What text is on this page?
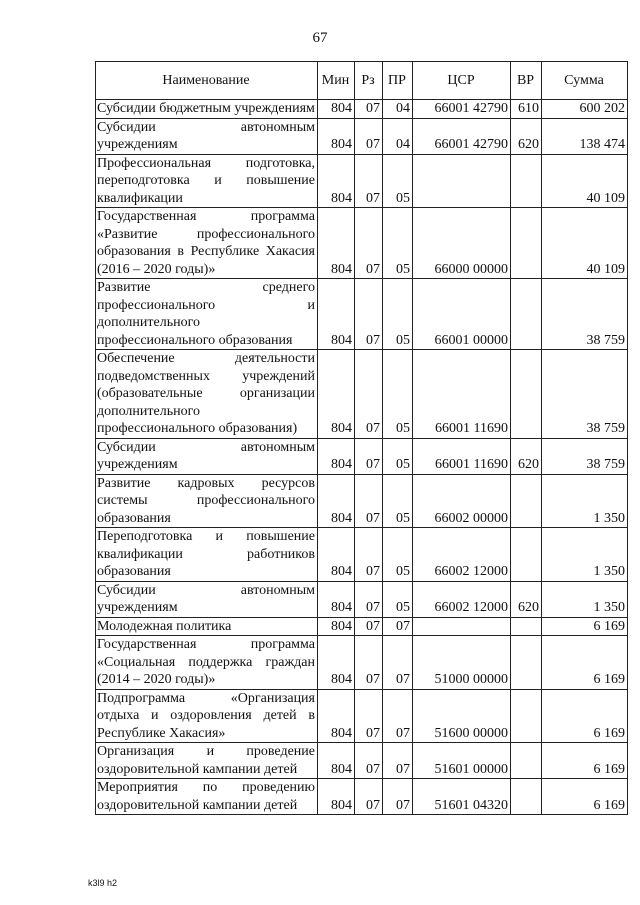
67
Наименование	Мин	Рз	ПР	ЦСР	ВР	Сумма
Субсидии бюджетным учреждениям	804	07	04	66001 42790	610	600 202
Субсидии автономным учреждениям	804	07	04	66001 42790	620	138 474
Профессиональная подготовка, переподготовка и повышение квалификации	804	07	05			40 109
Государственная программа «Развитие профессионального образования в Республике Хакасия (2016 – 2020 годы)»	804	07	05	66000 00000		40 109
Развитие среднего профессионального и дополнительного профессионального образования	804	07	05	66001 00000		38 759
Обеспечение деятельности подведомственных учреждений (образовательные организации дополнительного профессионального образования)	804	07	05	66001 11690		38 759
Субсидии автономным учреждениям	804	07	05	66001 11690	620	38 759
Развитие кадровых ресурсов системы профессионального образования	804	07	05	66002 00000		1 350
Переподготовка и повышение квалификации работников образования	804	07	05	66002 12000		1 350
Субсидии автономным учреждениям	804	07	05	66002 12000	620	1 350
Молодежная политика	804	07	07			6 169
Государственная программа «Социальная поддержка граждан (2014 – 2020 годы)»	804	07	07	51000 00000		6 169
Подпрограмма «Организация отдыха и оздоровления детей в Республике Хакасия»	804	07	07	51600 00000		6 169
Организация и проведение оздоровительной кампании детей	804	07	07	51601 00000		6 169
Мероприятия по проведению оздоровительной кампании детей	804	07	07	51601 04320		6 169
k3l9 h2
